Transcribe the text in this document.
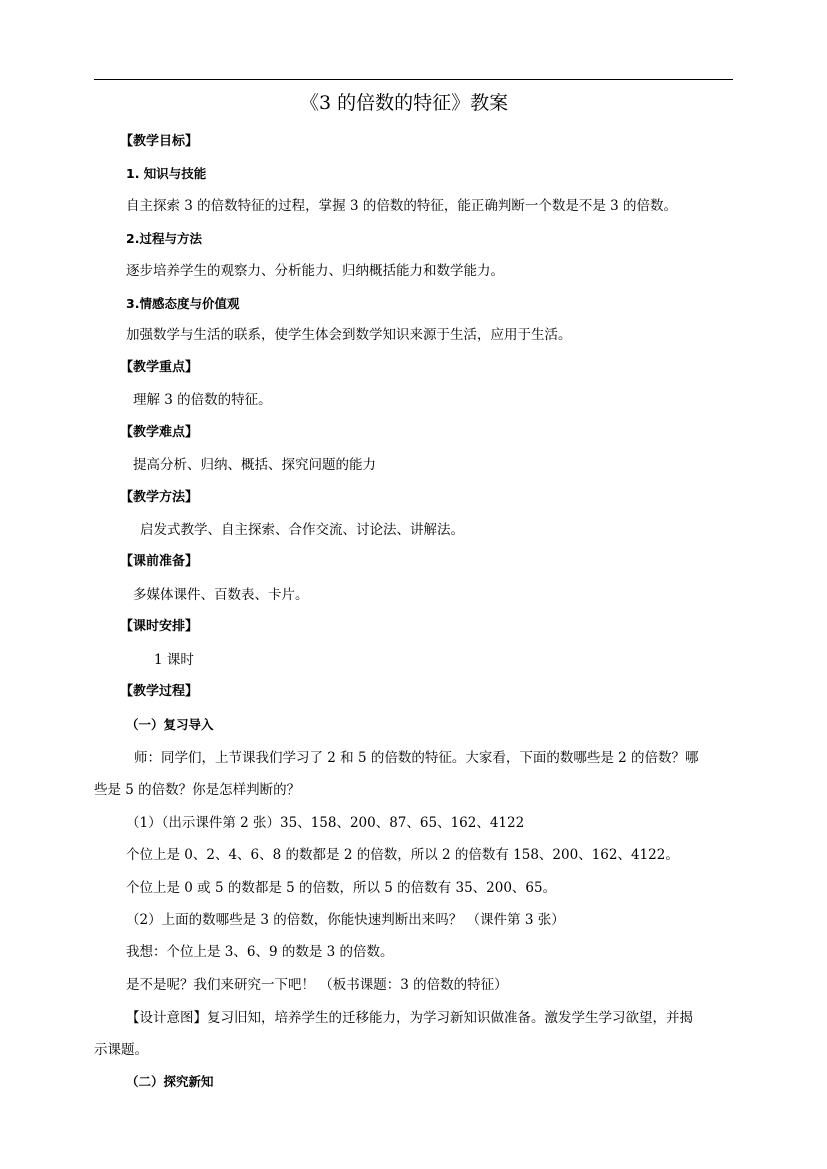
《3 的倍数的特征》教案
【教学目标】
1. 知识与技能
自主探索 3 的倍数特征的过程，掌握 3 的倍数的特征，能正确判断一个数是不是 3 的倍数。
2.过程与方法
逐步培养学生的观察力、分析能力、归纳概括能力和数学能力。
3.情感态度与价值观
加强数学与生活的联系，使学生体会到数学知识来源于生活，应用于生活。
【教学重点】
理解 3 的倍数的特征。
【教学难点】
提高分析、归纳、概括、探究问题的能力
【教学方法】
启发式教学、自主探索、合作交流、讨论法、讲解法。
【课前准备】
多媒体课件、百数表、卡片。
【课时安排】
1 课时
【教学过程】
（一）复习导入
师：同学们，上节课我们学习了 2 和 5 的倍数的特征。大家看，下面的数哪些是 2 的倍数？哪
些是 5 的倍数？你是怎样判断的？
（1）（出示课件第 2 张）35、158、200、87、65、162、4122
个位上是 0、2、4、6、8 的数都是 2 的倍数，所以 2 的倍数有 158、200、162、4122。
个位上是 0 或 5 的数都是 5 的倍数，所以 5 的倍数有 35、200、65。
（2）上面的数哪些是 3 的倍数，你能快速判断出来吗？ （课件第 3 张）
我想：个位上是 3、6、9 的数是 3 的倍数。
是不是呢？我们来研究一下吧！ （板书课题：3 的倍数的特征）
【设计意图】复习旧知，培养学生的迁移能力，为学习新知识做准备。激发学生学习欲望，并揭
示课题。
（二）探究新知
